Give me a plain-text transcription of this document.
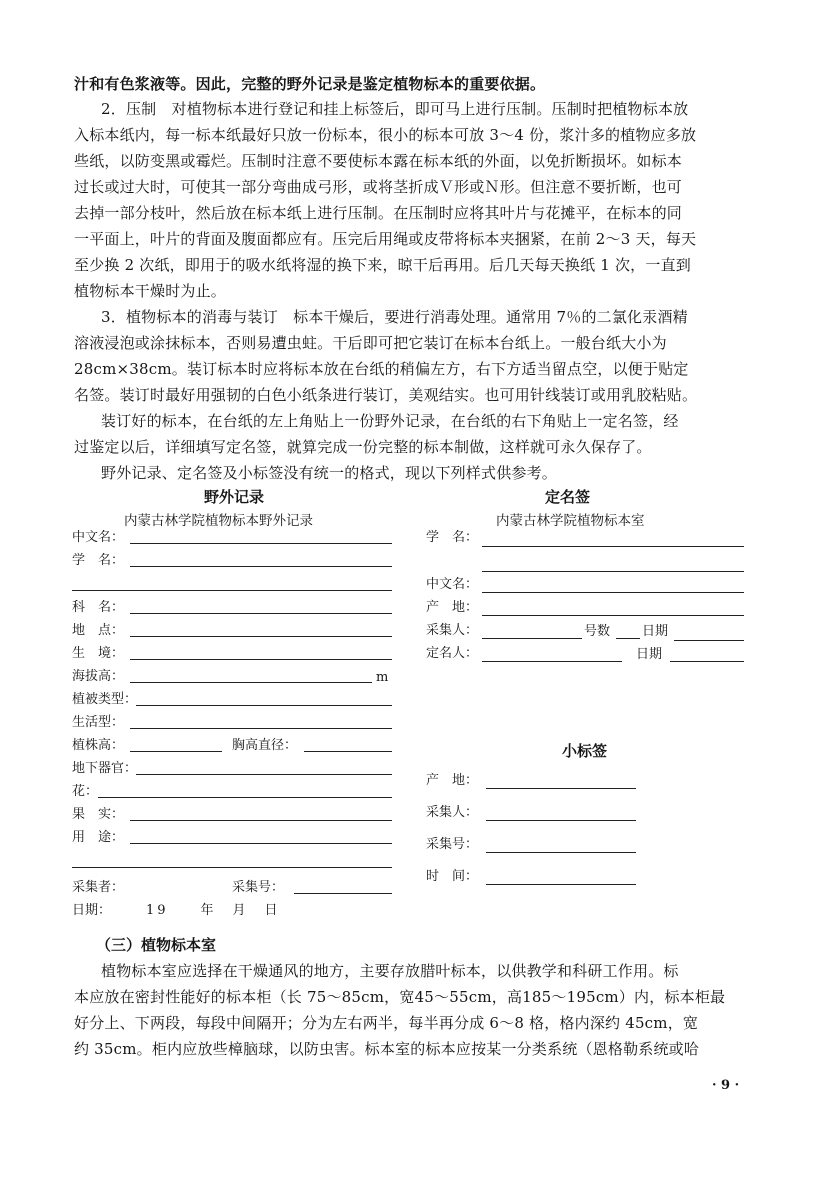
汁和有色浆液等。因此，完整的野外记录是鉴定植物标本的重要依据。
2．压制　对植物标本进行登记和挂上标签后，即可马上进行压制。压制时把植物标本放
入标本纸内，每一标本纸最好只放一份标本，很小的标本可放 3～4 份，浆汁多的植物应多放
些纸，以防变黑或霉烂。压制时注意不要使标本露在标本纸的外面，以免折断损坏。如标本
过长或过大时，可使其一部分弯曲成弓形，或将茎折成Ｖ形或Ｎ形。但注意不要折断，也可
去掉一部分枝叶，然后放在标本纸上进行压制。在压制时应将其叶片与花摊平，在标本的同
一平面上，叶片的背面及腹面都应有。压完后用绳或皮带将标本夹捆紧，在前 2～3 天，每天
至少换 2 次纸，即用于的吸水纸将湿的换下来，晾干后再用。后几天每天换纸 1 次，一直到
植物标本干燥时为止。
3．植物标本的消毒与装订　标本干燥后，要进行消毒处理。通常用 7％的二氯化汞酒精
溶液浸泡或涂抹标本，否则易遭虫蛀。干后即可把它装订在标本台纸上。一般台纸大小为
28cm×38cm。装订标本时应将标本放在台纸的稍偏左方，右下方适当留点空，以便于贴定
名签。装订时最好用强韧的白色小纸条进行装订，美观结实。也可用针线装订或用乳胶粘贴。
装订好的标本，在台纸的左上角贴上一份野外记录，在台纸的右下角贴上一定名签，经
过鉴定以后，详细填写定名签，就算完成一份完整的标本制做，这样就可永久保存了。
野外记录、定名签及小标签没有统一的格式，现以下列样式供参考。
野外记录
内蒙古林学院植物标本野外记录
中文名：
学　名：
科　名：
地　点：
生　境：
海拔高：	m
植被类型：
生活型：
植株高：	胸高直径：
地下器官：
花：
果　实：
用　途：
采集者：	采集号：
日期：	19　　年　月　日
定名签
内蒙古林学院植物标本室
学　名：
中文名：
产　地：
采集人：	号数 日期
定名人：	日期
小标签
产　地：
采集人：
采集号：
时　间：
（三）植物标本室
植物标本室应选择在干燥通风的地方，主要存放腊叶标本，以供教学和科研工作用。标
本应放在密封性能好的标本柜（长 75～85cm，宽45～55cm，高185～195cm）内，标本柜最
好分上、下两段，每段中间隔开；分为左右两半，每半再分成 6～8 格，格内深约 45cm，宽
约 35cm。柜内应放些樟脑球，以防虫害。标本室的标本应按某一分类系统（恩格勒系统或哈
· 9 ·
